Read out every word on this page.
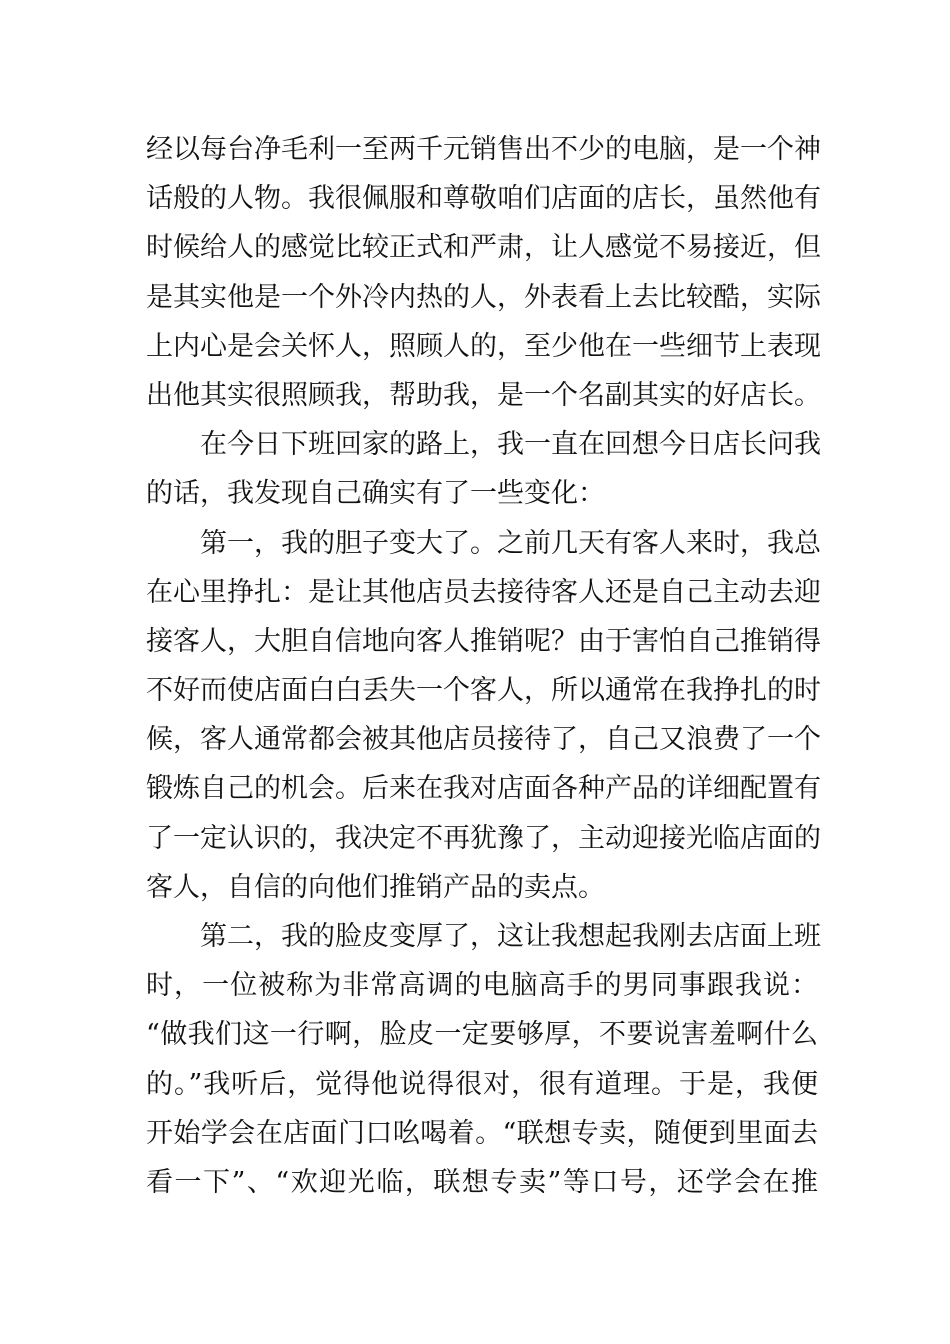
经以每台净毛利一至两千元销售出不少的电脑，是一个神
话般的人物。我很佩服和尊敬咱们店面的店长，虽然他有
时候给人的感觉比较正式和严肃，让人感觉不易接近，但
是其实他是一个外冷内热的人，外表看上去比较酷，实际
上内心是会关怀人，照顾人的，至少他在一些细节上表现
出他其实很照顾我，帮助我，是一个名副其实的好店长。
在今日下班回家的路上，我一直在回想今日店长问我
的话，我发现自己确实有了一些变化：
第一，我的胆子变大了。之前几天有客人来时，我总
在心里挣扎：是让其他店员去接待客人还是自己主动去迎
接客人，大胆自信地向客人推销呢？由于害怕自己推销得
不好而使店面白白丢失一个客人，所以通常在我挣扎的时
候，客人通常都会被其他店员接待了，自己又浪费了一个
锻炼自己的机会。后来在我对店面各种产品的详细配置有
了一定认识的，我决定不再犹豫了，主动迎接光临店面的
客人，自信的向他们推销产品的卖点。
第二，我的脸皮变厚了，这让我想起我刚去店面上班
时，一位被称为非常高调的电脑高手的男同事跟我说：
“做我们这一行啊，脸皮一定要够厚，不要说害羞啊什么
的。”我听后，觉得他说得很对，很有道理。于是，我便
开始学会在店面门口吆喝着。“联想专卖，随便到里面去
看一下”、“欢迎光临，联想专卖”等口号，还学会在推
